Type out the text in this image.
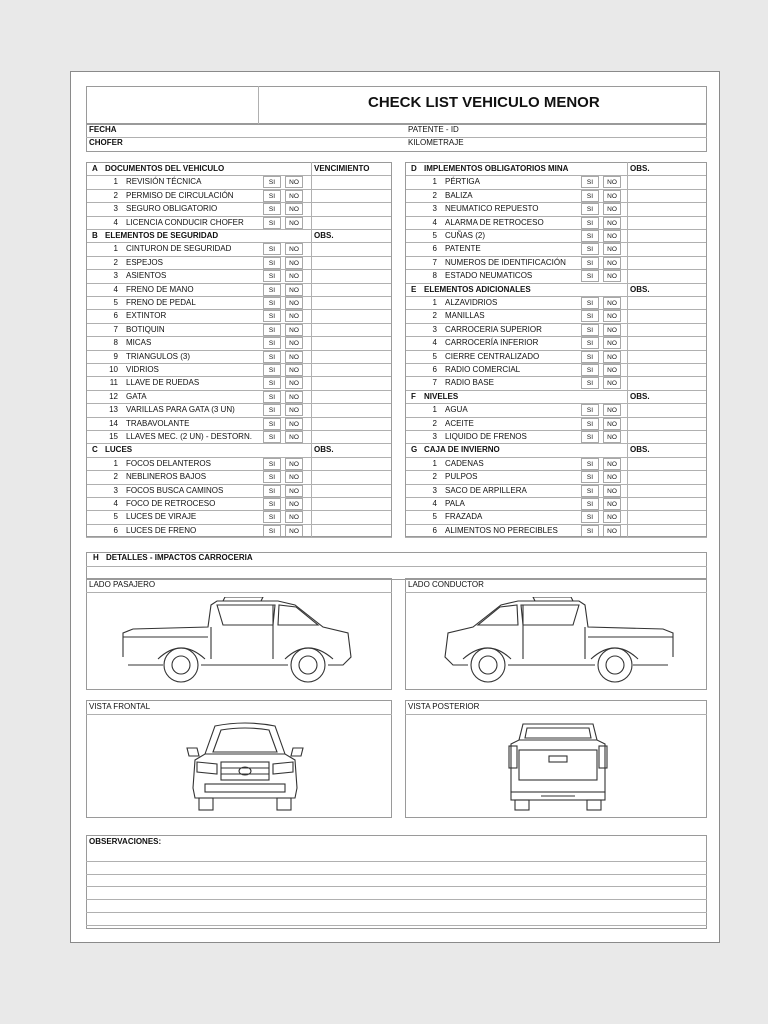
CHECK LIST VEHICULO MENOR
FECHA
CHOFER
PATENTE - ID
KILOMETRAJE
H DETALLES - IMPACTOS CARROCERIA
LADO PASAJERO	LADO CONDUCTOR
VISTA FRONTAL	VISTA POSTERIOR
OBSERVACIONES:
A DOCUMENTOS DEL VEHICULO	VENCIMIENTO
1 REVISIÓN TÉCNICA	SI	NO
2 PERMISO DE CIRCULACIÓN	SI	NO
3 SEGURO OBLIGATORIO	SI	NO
4 LICENCIA CONDUCIR CHOFER	SI	NO
B ELEMENTOS DE SEGURIDAD	OBS.
1 CINTURON DE SEGURIDAD	SI	NO
2 ESPEJOS	SI	NO
3 ASIENTOS	SI	NO
4 FRENO DE MANO	SI	NO
5 FRENO DE PEDAL	SI	NO
6 EXTINTOR	SI	NO
7 BOTIQUIN	SI	NO
8 MICAS	SI	NO
9 TRIANGULOS (3)	SI	NO
10 VIDRIOS	SI	NO
11 LLAVE DE RUEDAS	SI	NO
12 GATA	SI	NO
13 VARILLAS PARA GATA (3 UN)	SI	NO
14 TRABAVOLANTE	SI	NO
15 LLAVES MEC. (2 UN) - DESTORN.	SI	NO
C LUCES	OBS.
1 FOCOS DELANTEROS	SI	NO
2 NEBLINEROS BAJOS	SI	NO
3 FOCOS BUSCA CAMINOS	SI	NO
4 FOCO DE RETROCESO	SI	NO
5 LUCES DE VIRAJE	SI	NO
6 LUCES DE FRENO	SI	NO
D IMPLEMENTOS OBLIGATORIOS MINA	OBS.
1 PÉRTIGA	SI	NO
2 BALIZA	SI	NO
3 NEUMATICO REPUESTO	SI	NO
4 ALARMA DE RETROCESO	SI	NO
5 CUÑAS (2)	SI	NO
6 PATENTE	SI	NO
7 NUMEROS DE IDENTIFICACIÓN	SI	NO
8 ESTADO NEUMATICOS	SI	NO
E ELEMENTOS ADICIONALES	OBS.
1 ALZAVIDRIOS	SI	NO
2 MANILLAS	SI	NO
3 CARROCERIA SUPERIOR	SI	NO
4 CARROCERÍA INFERIOR	SI	NO
5 CIERRE CENTRALIZADO	SI	NO
6 RADIO COMERCIAL	SI	NO
7 RADIO BASE	SI	NO
F NIVELES	OBS.
1 AGUA	SI	NO
2 ACEITE	SI	NO
3 LIQUIDO DE FRENOS	SI	NO
G CAJA DE INVIERNO	OBS.
1 CADENAS	SI	NO
2 PULPOS	SI	NO
3 SACO DE ARPILLERA	SI	NO
4 PALA	SI	NO
5 FRAZADA	SI	NO
6 ALIMENTOS NO PERECIBLES	SI	NO
